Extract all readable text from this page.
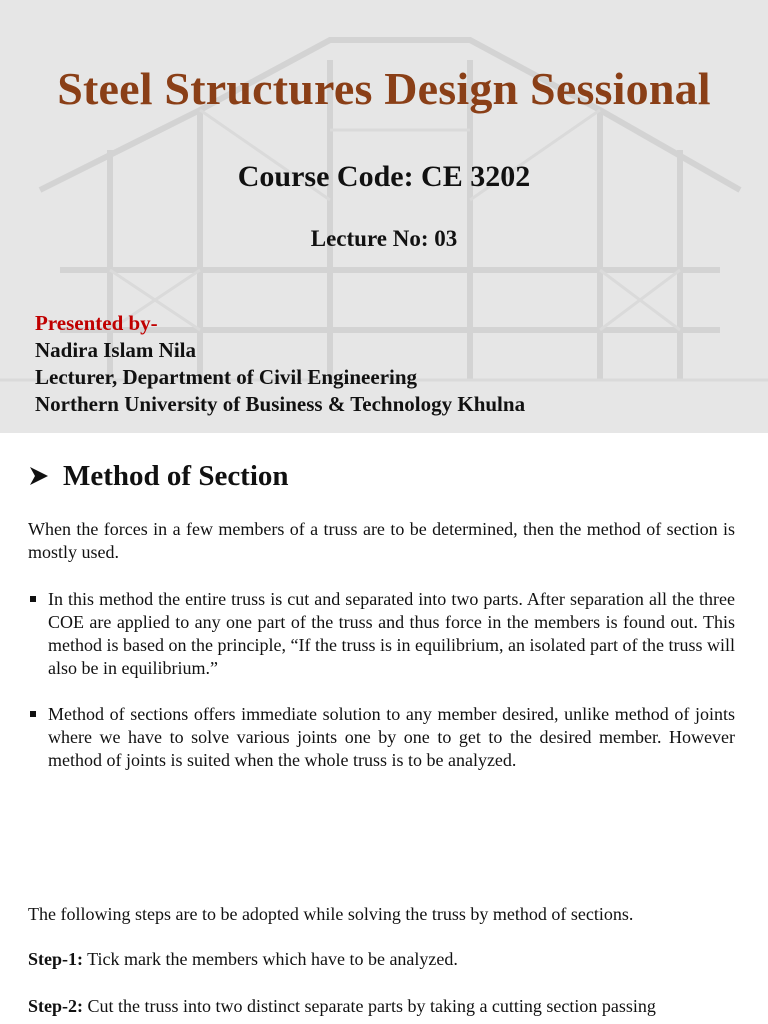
Steel Structures Design Sessional
Course Code: CE 3202
Lecture No: 03
Presented by-
Nadira Islam Nila
Lecturer, Department of Civil Engineering
Northern University of Business & Technology Khulna
Method of Section

When the forces in a few members of a truss are to be determined, then the method of section is mostly used.

In this method the entire truss is cut and separated into two parts. After separation all the three COE are applied to any one part of the truss and thus force in the members is found out. This method is based on the principle, “If the truss is in equilibrium, an isolated part of the truss will also be in equilibrium.”
Method of sections offers immediate solution to any member desired, unlike method of joints where we have to solve various joints one by one to get to the desired member. However method of joints is suited when the whole truss is to be analyzed.

The following steps are to be adopted while solving the truss by method of sections.

Step-1: Tick mark the members which have to be analyzed.

Step-2: Cut the truss into two distinct separate parts by taking a cutting section passing
